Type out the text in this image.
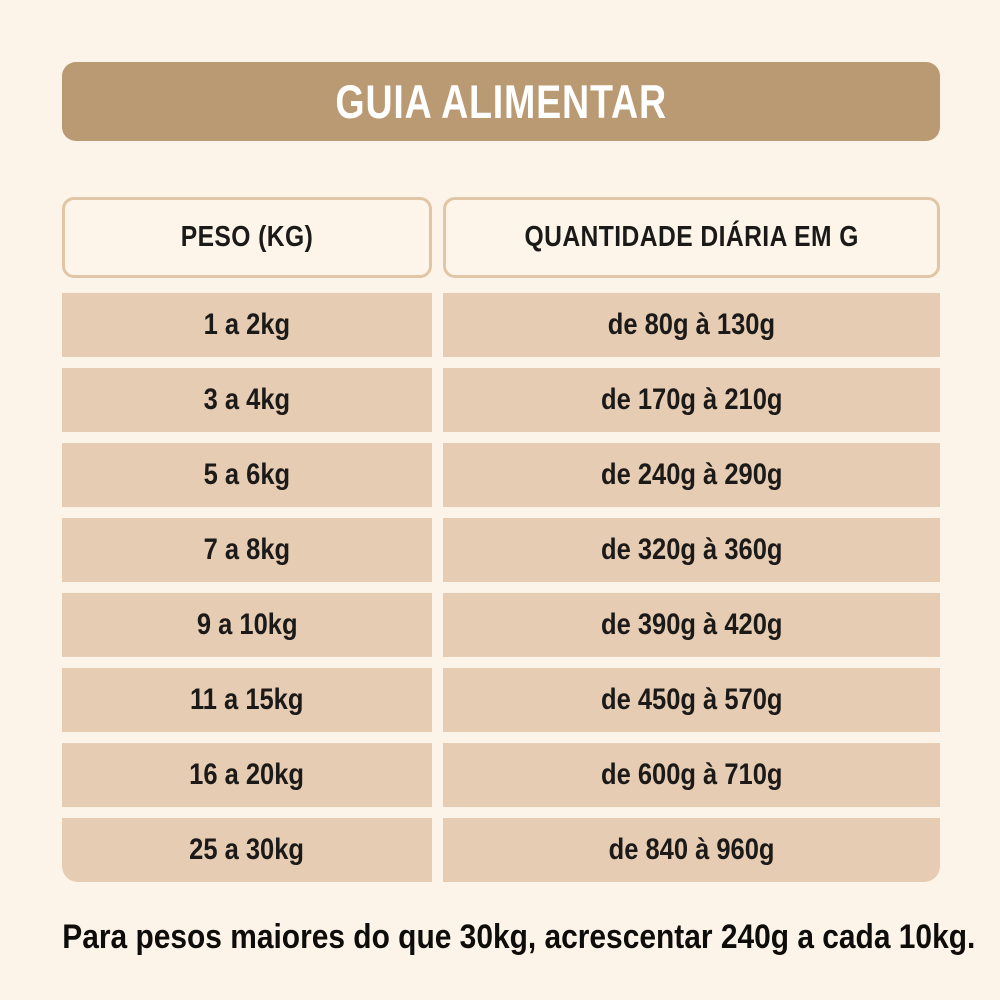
GUIA ALIMENTAR
PESO (KG)	QUANTIDADE DIÁRIA EM G
1 a 2kg	de 80g à 130g
3 a 4kg	de 170g à 210g
5 a 6kg	de 240g à 290g
7 a 8kg	de 320g à 360g
9 a 10kg	de 390g à 420g
11 a 15kg	de 450g à 570g
16 a 20kg	de 600g à 710g
25 a 30kg	de 840 à 960g
Para pesos maiores do que 30kg, acrescentar 240g a cada 10kg.
